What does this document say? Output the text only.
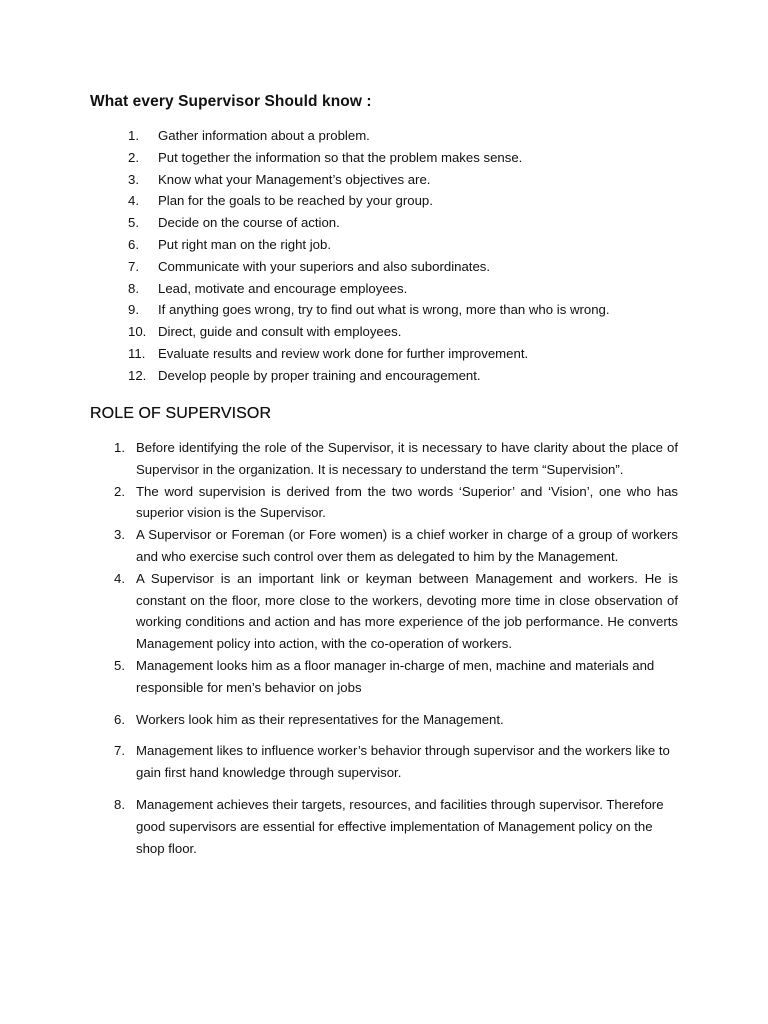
What every Supervisor Should know :
1.	Gather information about a problem.
2.	Put together the information so that the problem makes sense.
3.	Know what your Management’s objectives are.
4.	Plan for the goals to be reached by your group.
5.	Decide on the course of action.
6.	Put right man on the right job.
7.	Communicate with your superiors and also subordinates.
8.	Lead, motivate and encourage employees.
9.	If anything goes wrong, try to find out what is wrong, more than who is wrong.
10. Direct, guide and consult with employees.
11. Evaluate results and review work done for further improvement.
12. Develop people by proper training and encouragement.
ROLE OF SUPERVISOR
1. Before identifying the role of the Supervisor, it is necessary to have clarity about the place of Supervisor in the organization. It is necessary to understand the term “Supervision”.
2. The word supervision is derived from the two words ‘Superior’ and ‘Vision’, one who has superior vision is the Supervisor.
3. A Supervisor or Foreman (or Fore women) is a chief worker in charge of a group of workers and who exercise such control over them as delegated to him by the Management.
4. A Supervisor is an important link or keyman between Management and workers. He is constant on the floor, more close to the workers, devoting more time in close observation of working conditions and action and has more experience of the job performance. He converts Management policy into action, with the co-operation of workers.
5. Management looks him as a floor manager in-charge of men, machine and materials and responsible for men’s behavior on jobs
6. Workers look him as their representatives for the Management.
7. Management likes to influence worker’s behavior through supervisor and the workers like to gain first hand knowledge through supervisor.
8. Management achieves their targets, resources, and facilities through supervisor. Therefore good supervisors are essential for effective implementation of Management policy on the shop floor.
